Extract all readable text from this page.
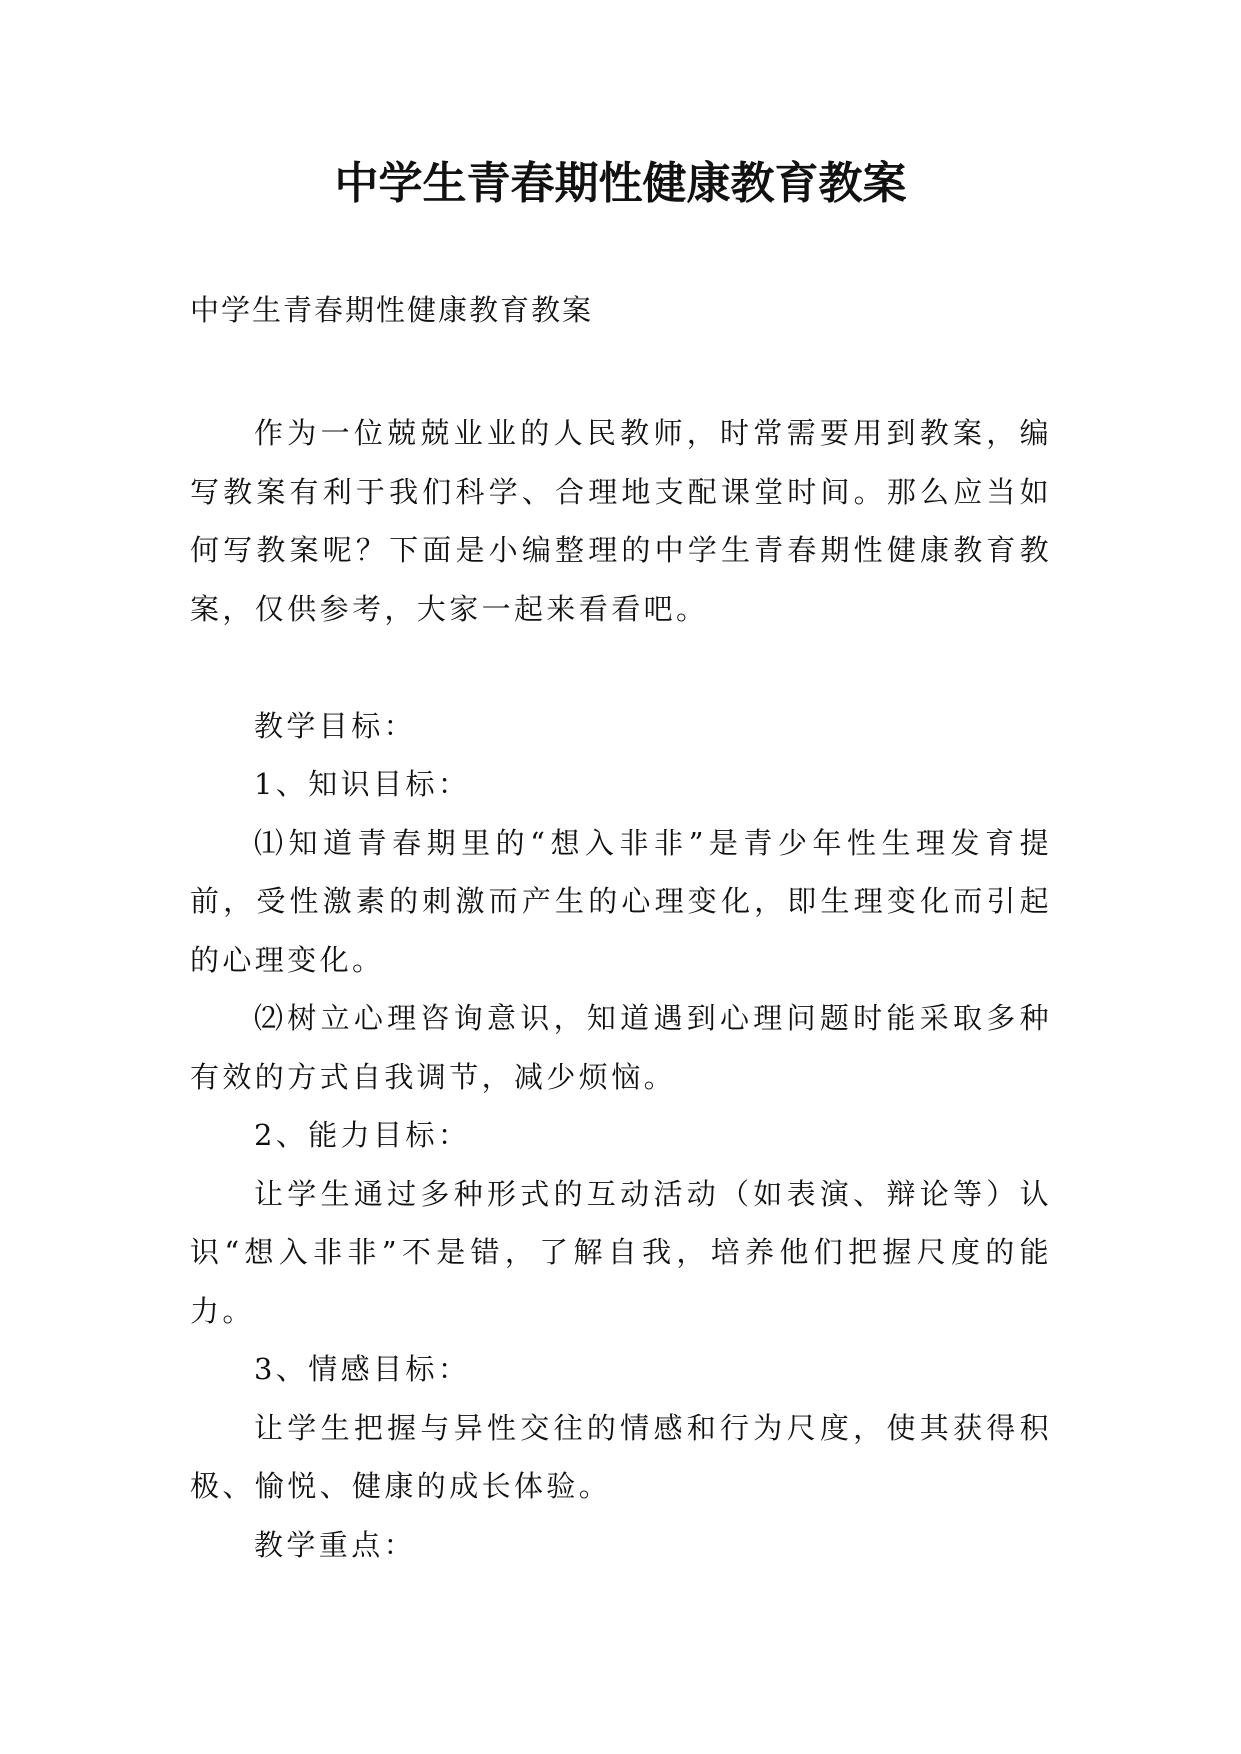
中学生青春期性健康教育教案
中学生青春期性健康教育教案

作为一位兢兢业业的人民教师，时常需要用到教案，编写教案有利于我们科学、合理地支配课堂时间。那么应当如何写教案呢？下面是小编整理的中学生青春期性健康教育教案，仅供参考，大家一起来看看吧。

教学目标：

1、知识目标：

⑴知道青春期里的“想入非非”是青少年性生理发育提前，受性激素的刺激而产生的心理变化，即生理变化而引起的心理变化。

⑵树立心理咨询意识，知道遇到心理问题时能采取多种有效的方式自我调节，减少烦恼。

2、能力目标：

让学生通过多种形式的互动活动（如表演、辩论等）认识“想入非非”不是错，了解自我，培养他们把握尺度的能力。

3、情感目标：

让学生把握与异性交往的情感和行为尺度，使其获得积极、愉悦、健康的成长体验。

教学重点：
